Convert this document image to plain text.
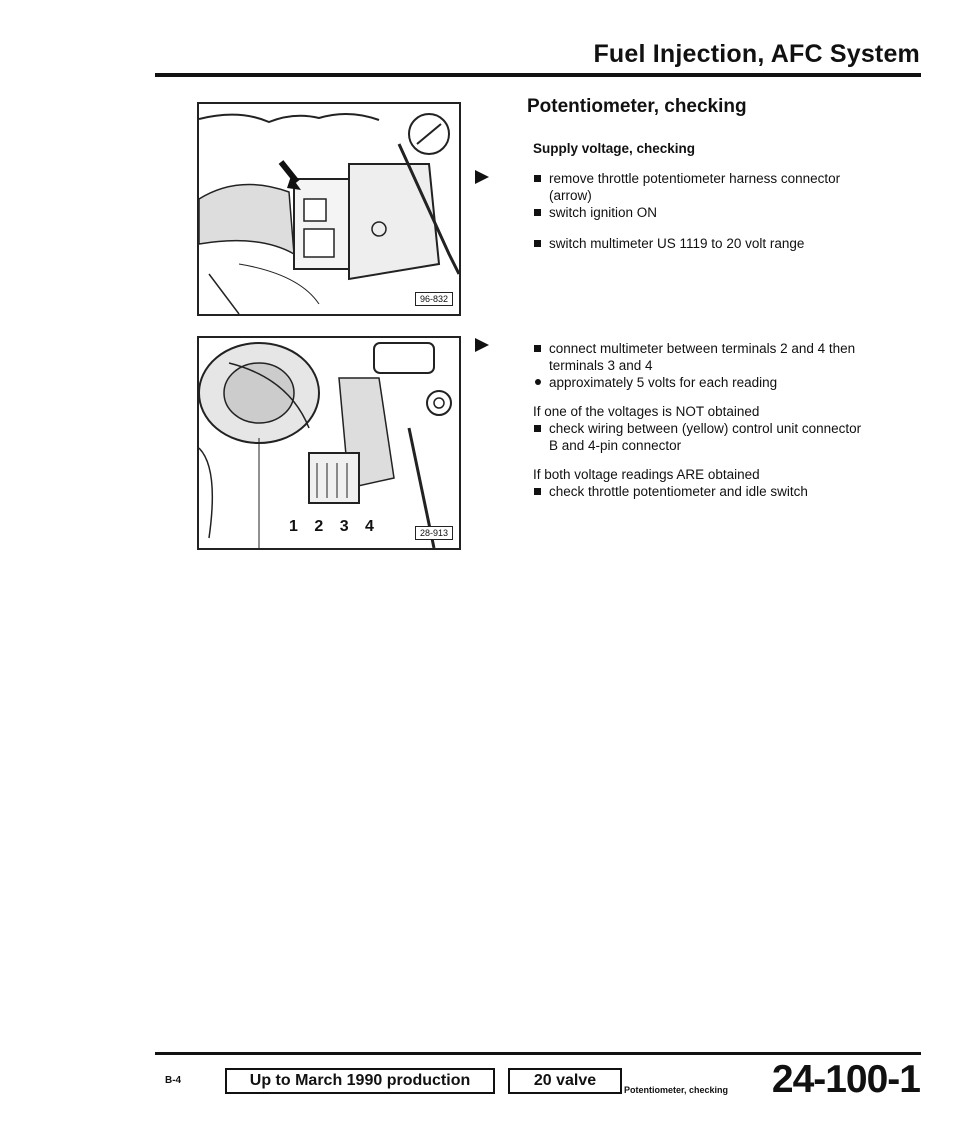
Fuel Injection, AFC System
96-832
1 2 3 4	28-913
Potentiometer, checking
Supply voltage, checking
remove throttle potentiometer harness connector (arrow)
switch ignition ON
switch multimeter US 1119 to 20 volt range
connect multimeter between terminals 2 and 4 then terminals 3 and 4
approximately 5 volts for each reading
If one of the voltages is NOT obtained
check wiring between (yellow) control unit connector B and 4-pin connector
If both voltage readings ARE obtained
check throttle potentiometer and idle switch
B-4	Up to March 1990 production	20 valve
Potentiometer, checking 24-100-1
